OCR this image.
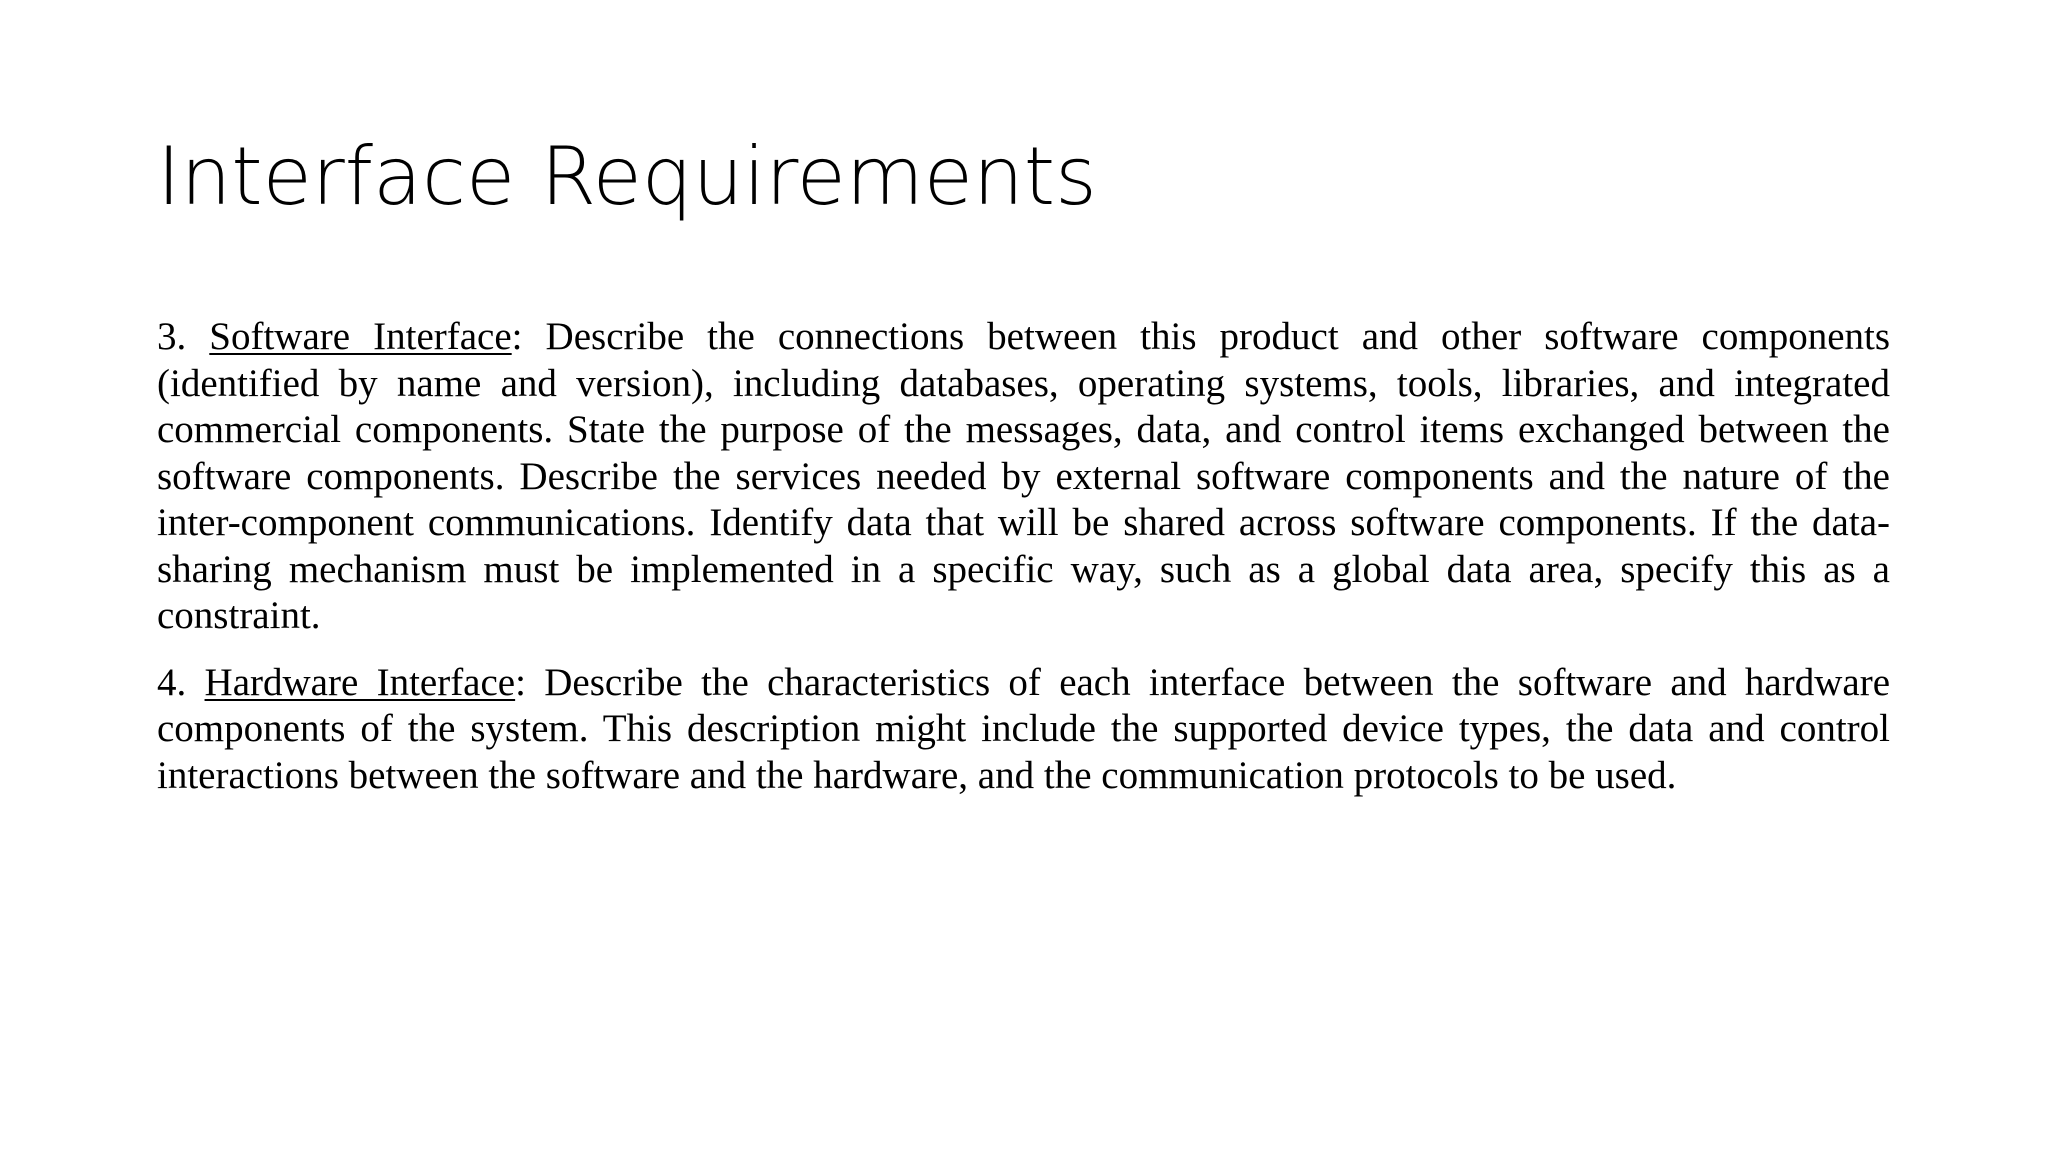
Interface Requirements

3. Software Interface: Describe the connections between this product and other software components (identified by name and version), including databases, operating systems, tools, libraries, and integrated commercial components. State the purpose of the messages, data, and control items exchanged between the software components. Describe the services needed by external software components and the nature of the inter-component communications. Identify data that will be shared across software components. If the data-sharing mechanism must be implemented in a specific way, such as a global data area, specify this as a constraint.

4. Hardware Interface: Describe the characteristics of each interface between the software and hardware components of the system. This description might include the supported device types, the data and control interactions between the software and the hardware, and the communication protocols to be used.
